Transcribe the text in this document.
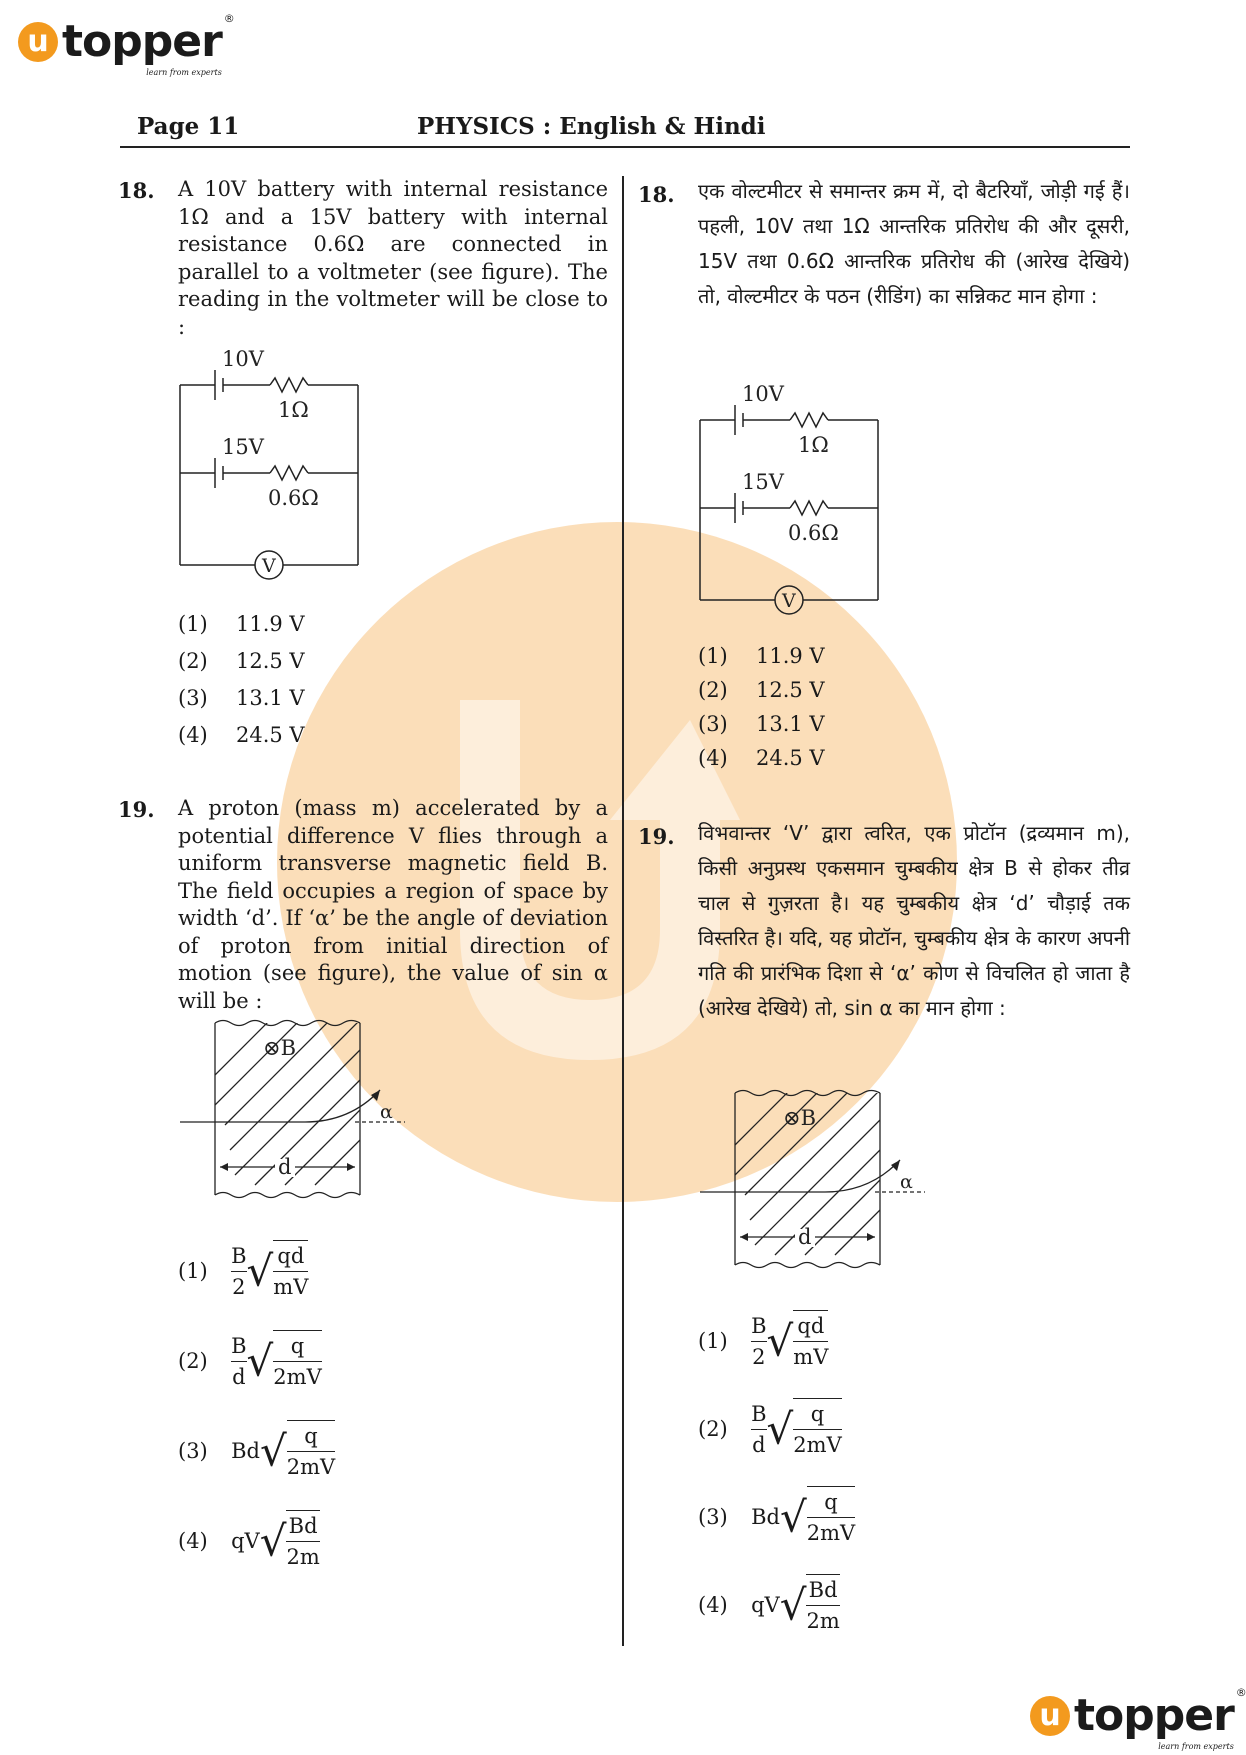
u topper ®
learn from experts
Page 11	PHYSICS : English & Hindi
18. A 10V battery with internal resistance 1Ω and a 15V battery with internal resistance 0.6Ω are connected in parallel to a voltmeter (see figure). The reading in the voltmeter will be close to :
10V
1Ω
15V
0.6Ω
V
(1) 11.9 V
(2) 12.5 V
(3) 13.1 V
(4) 24.5 V
19. A proton (mass m) accelerated by a potential difference V flies through a uniform transverse magnetic field B. The field occupies a region of space by width ‘d’. If ‘α’ be the angle of deviation of proton from initial direction of motion (see figure), the value of sin α will be :
⊗B
α
d
$(1) \frac{B}{2}$ √ $\frac{qd}{mV}$
$(2) \frac{B}{d}$ √ $\frac{q}{2mV}$
(3) $Bd√ \frac{q}{2mV}$
(4) $qV√ \frac{Bd}{2m}$
18. एक वोल्टमीटर से समान्तर क्रम में, दो बैटरियाँ, जोड़ी गई हैं। पहली, 10V तथा 1Ω आन्तरिक प्रतिरोध की और दूसरी, 15V तथा 0.6Ω आन्तरिक प्रतिरोध की (आरेख देखिये) तो, वोल्टमीटर के पठन (रीडिंग) का सन्निकट मान होगा :
10V
1Ω
15V
0.6Ω
V
(1) 11.9 V
(2) 12.5 V
(3) 13.1 V
(4) 24.5 V
19. विभवान्तर ‘V’ द्वारा त्वरित, एक प्रोटॉन (द्रव्यमान m), किसी अनुप्रस्थ एकसमान चुम्बकीय क्षेत्र B से होकर तीव्र चाल से गुज़रता है। यह चुम्बकीय क्षेत्र ‘d’ चौड़ाई तक विस्तरित है। यदि, यह प्रोटॉन, चुम्बकीय क्षेत्र के कारण अपनी गति की प्रारंभिक दिशा से ‘α’ कोण से विचलित हो जाता है (आरेख देखिये) तो, sin α का मान होगा :
⊗B
α
d
$(1) \frac{B}{2}$ √ $\frac{qd}{mV}$
$(2) \frac{B}{d}$ √ $\frac{q}{2mV}$
(3) $Bd√ \frac{q}{2mV}$
(4) $qV√ \frac{Bd}{2m}$
u topper ®
learn from experts
